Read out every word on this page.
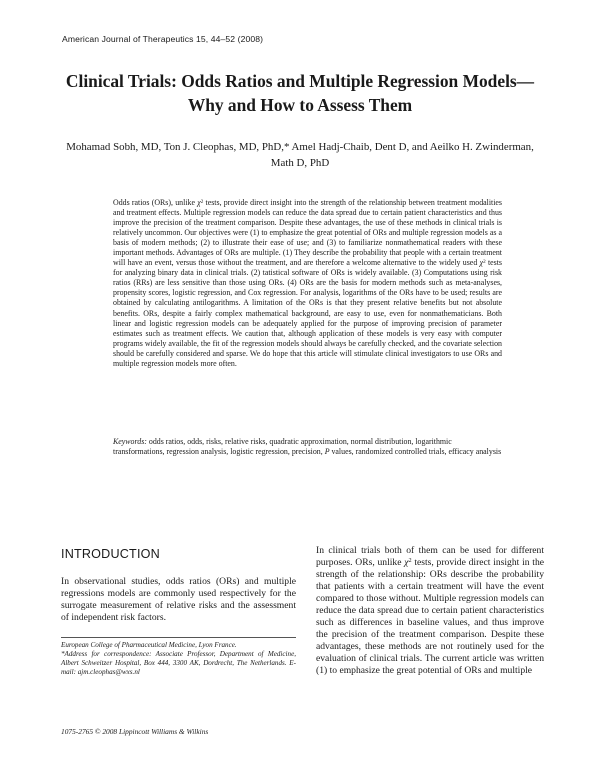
American Journal of Therapeutics 15, 44–52 (2008)
Clinical Trials: Odds Ratios and Multiple Regression Models—Why and How to Assess Them
Mohamad Sobh, MD, Ton J. Cleophas, MD, PhD,* Amel Hadj-Chaib, Dent D, and Aeilko H. Zwinderman, Math D, PhD
Odds ratios (ORs), unlike $\chi^2$ tests, provide direct insight into the strength of the relationship between treatment modalities and treatment effects. Multiple regression models can reduce the data spread due to certain patient characteristics and thus improve the precision of the treatment comparison. Despite these advantages, the use of these methods in clinical trials is relatively uncommon. Our objectives were (1) to emphasize the great potential of ORs and multiple regression models as a basis of modern methods; (2) to illustrate their ease of use; and (3) to familiarize nonmathematical readers with these important methods. Advantages of ORs are multiple. (1) They describe the probability that people with a certain treatment will have an event, versus those without the treatment, and are therefore a welcome alternative to the widely used $\chi^2$ tests for analyzing binary data in clinical trials. (2) tatistical software of ORs is widely available. (3) Computations using risk ratios (RRs) are less sensitive than those using ORs. (4) ORs are the basis for modern methods such as meta-analyses, propensity scores, logistic regression, and Cox regression. For analysis, logarithms of the ORs have to be used; results are obtained by calculating antilogarithms. A limitation of the ORs is that they present relative benefits but not absolute benefits. ORs, despite a fairly complex mathematical background, are easy to use, even for nonmathematicians. Both linear and logistic regression models can be adequately applied for the purpose of improving precision of parameter estimates such as treatment effects. We caution that, although application of these models is very easy with computer programs widely available, the fit of the regression models should always be carefully checked, and the covariate selection should be carefully considered and sparse. We do hope that this article will stimulate clinical investigators to use ORs and multiple regression models more often.
Keywords: odds ratios, odds, risks, relative risks, quadratic approximation, normal distribution, logarithmic transformations, regression analysis, logistic regression, precision, P values, randomized controlled trials, efficacy analysis
INTRODUCTION
In observational studies, odds ratios (ORs) and multiple regressions models are commonly used respectively for the surrogate measurement of relative risks and the assessment of independent risk factors.
European College of Pharmaceutical Medicine, Lyon France.
*Address for correspondence: Associate Professor, Department of Medicine, Albert Schweitzer Hospital, Box 444, 3300 AK, Dordrecht, The Netherlands. E-mail: ajm.cleophas@wxs.nl
In clinical trials both of them can be used for different purposes. ORs, unlike $\chi^2$ tests, provide direct insight in the strength of the relationship: ORs describe the probability that patients with a certain treatment will have the event compared to those without. Multiple regression models can reduce the data spread due to certain patient characteristics such as differences in baseline values, and thus improve the precision of the treatment comparison. Despite these advantages, these methods are not routinely used for the evaluation of clinical trials. The current article was written (1) to emphasize the great potential of ORs and multiple
1075-2765 © 2008 Lippincott Williams & Wilkins
